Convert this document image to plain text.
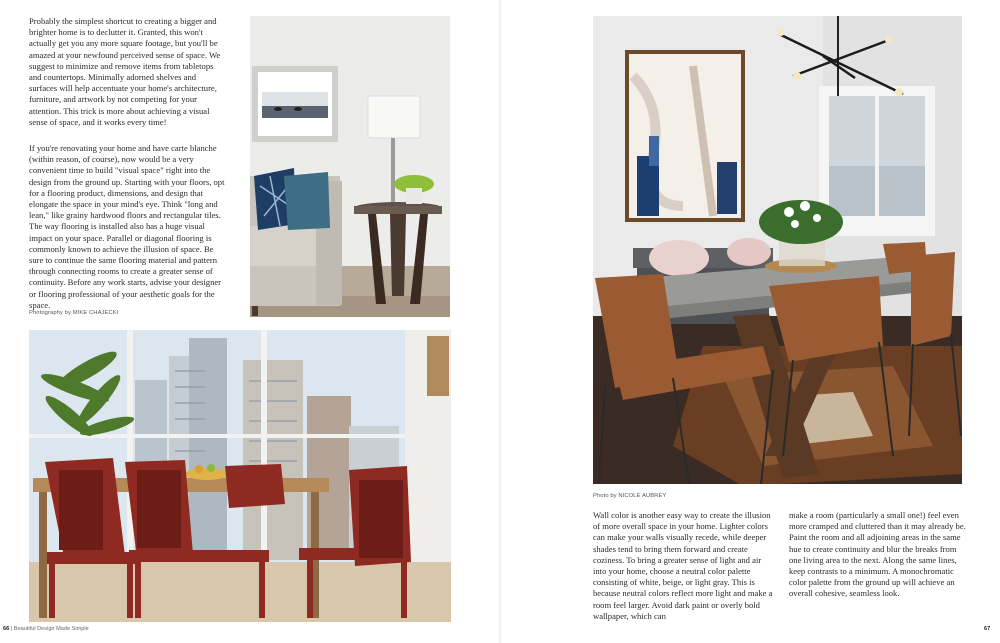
Probably the simplest shortcut to creating a bigger and brighter home is to declutter it. Granted, this won't actually get you any more square footage, but you'll be amazed at your newfound perceived sense of space. We suggest to minimize and remove items from tabletops and countertops. Minimally adorned shelves and surfaces will help accentuate your home's architecture, furniture, and artwork by not competing for your attention. This trick is more about achieving a visual sense of space, and it works every time!

If you're renovating your home and have carte blanche (within reason, of course), now would be a very convenient time to build "visual space" right into the design from the ground up. Starting with your floors, opt for a flooring product, dimensions, and design that elongate the space in your mind's eye. Think "long and lean," like grainy hardwood floors and rectangular tiles. The way flooring is installed also has a huge visual impact on your space. Parallel or diagonal flooring is commonly known to achieve the illusion of space. Be sure to continue the same flooring material and pattern through connecting rooms to create a greater sense of continuity. Before any work starts, advise your designer or flooring professional of your aesthetic goals for the space.

Photography by MIKE CHAJECKI

66 | Beautiful Design Made Simple

Photo by NICOLE AUBREY

Wall color is another easy way to create the illusion of more overall space in your home. Lighter colors can make your walls visually recede, while deeper shades tend to bring them forward and create coziness. To bring a greater sense of light and air into your home, choose a neutral color palette consisting of white, beige, or light gray. This is because neutral colors reflect more light and make a room feel larger. Avoid dark paint or overly bold wallpaper, which can

make a room (particularly a small one!) feel even more cramped and cluttered than it may already be. Paint the room and all adjoining areas in the same hue to create continuity and blur the breaks from one living area to the next. Along the same lines, keep contrasts to a minimum. A monochromatic color palette from the ground up will achieve an overall cohesive, seamless look.

67
